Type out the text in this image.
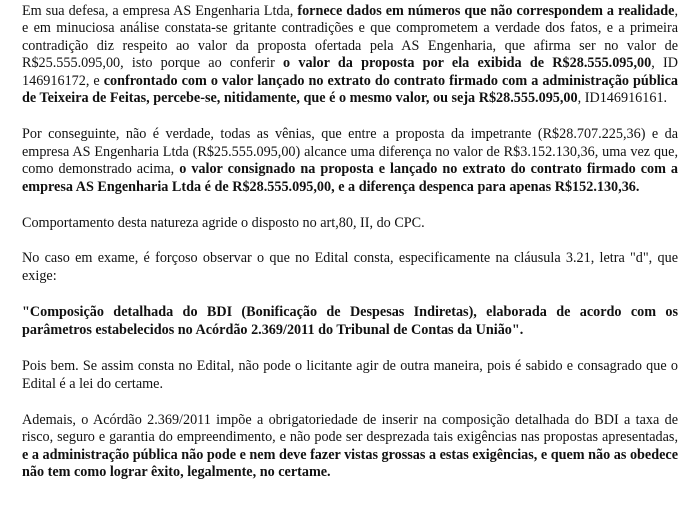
Em sua defesa, a empresa AS Engenharia Ltda, fornece dados em números que não correspondem a realidade, e em minuciosa análise constata-se gritante contradições e que comprometem a verdade dos fatos, e a primeira contradição diz respeito ao valor da proposta ofertada pela AS Engenharia, que afirma ser no valor de R$25.555.095,00, isto porque ao conferir o valor da proposta por ela exibida de R$28.555.095,00, ID 146916172, e confrontado com o valor lançado no extrato do contrato firmado com a administração pública de Teixeira de Feitas, percebe-se, nitidamente, que é o mesmo valor, ou seja R$28.555.095,00, ID146916161.

Por conseguinte, não é verdade, todas as vênias, que entre a proposta da impetrante (R$28.707.225,36) e da empresa AS Engenharia Ltda (R$25.555.095,00) alcance uma diferença no valor de R$3.152.130,36, uma vez que, como demonstrado acima, o valor consignado na proposta e lançado no extrato do contrato firmado com a empresa AS Engenharia Ltda é de R$28.555.095,00, e a diferença despenca para apenas R$152.130,36.

Comportamento desta natureza agride o disposto no art,80, II, do CPC.

No caso em exame, é forçoso observar o que no Edital consta, especificamente na cláusula 3.21, letra "d", que exige:

"Composição detalhada do BDI (Bonificação de Despesas Indiretas), elaborada de acordo com os parâmetros estabelecidos no Acórdão 2.369/2011 do Tribunal de Contas da União".

Pois bem. Se assim consta no Edital, não pode o licitante agir de outra maneira, pois é sabido e consagrado que o Edital é a lei do certame.

Ademais, o Acórdão 2.369/2011 impõe a obrigatoriedade de inserir na composição detalhada do BDI a taxa de risco, seguro e garantia do empreendimento, e não pode ser desprezada tais exigências nas propostas apresentadas, e a administração pública não pode e nem deve fazer vistas grossas a estas exigências, e quem não as obedece não tem como lograr êxito, legalmente, no certame.
